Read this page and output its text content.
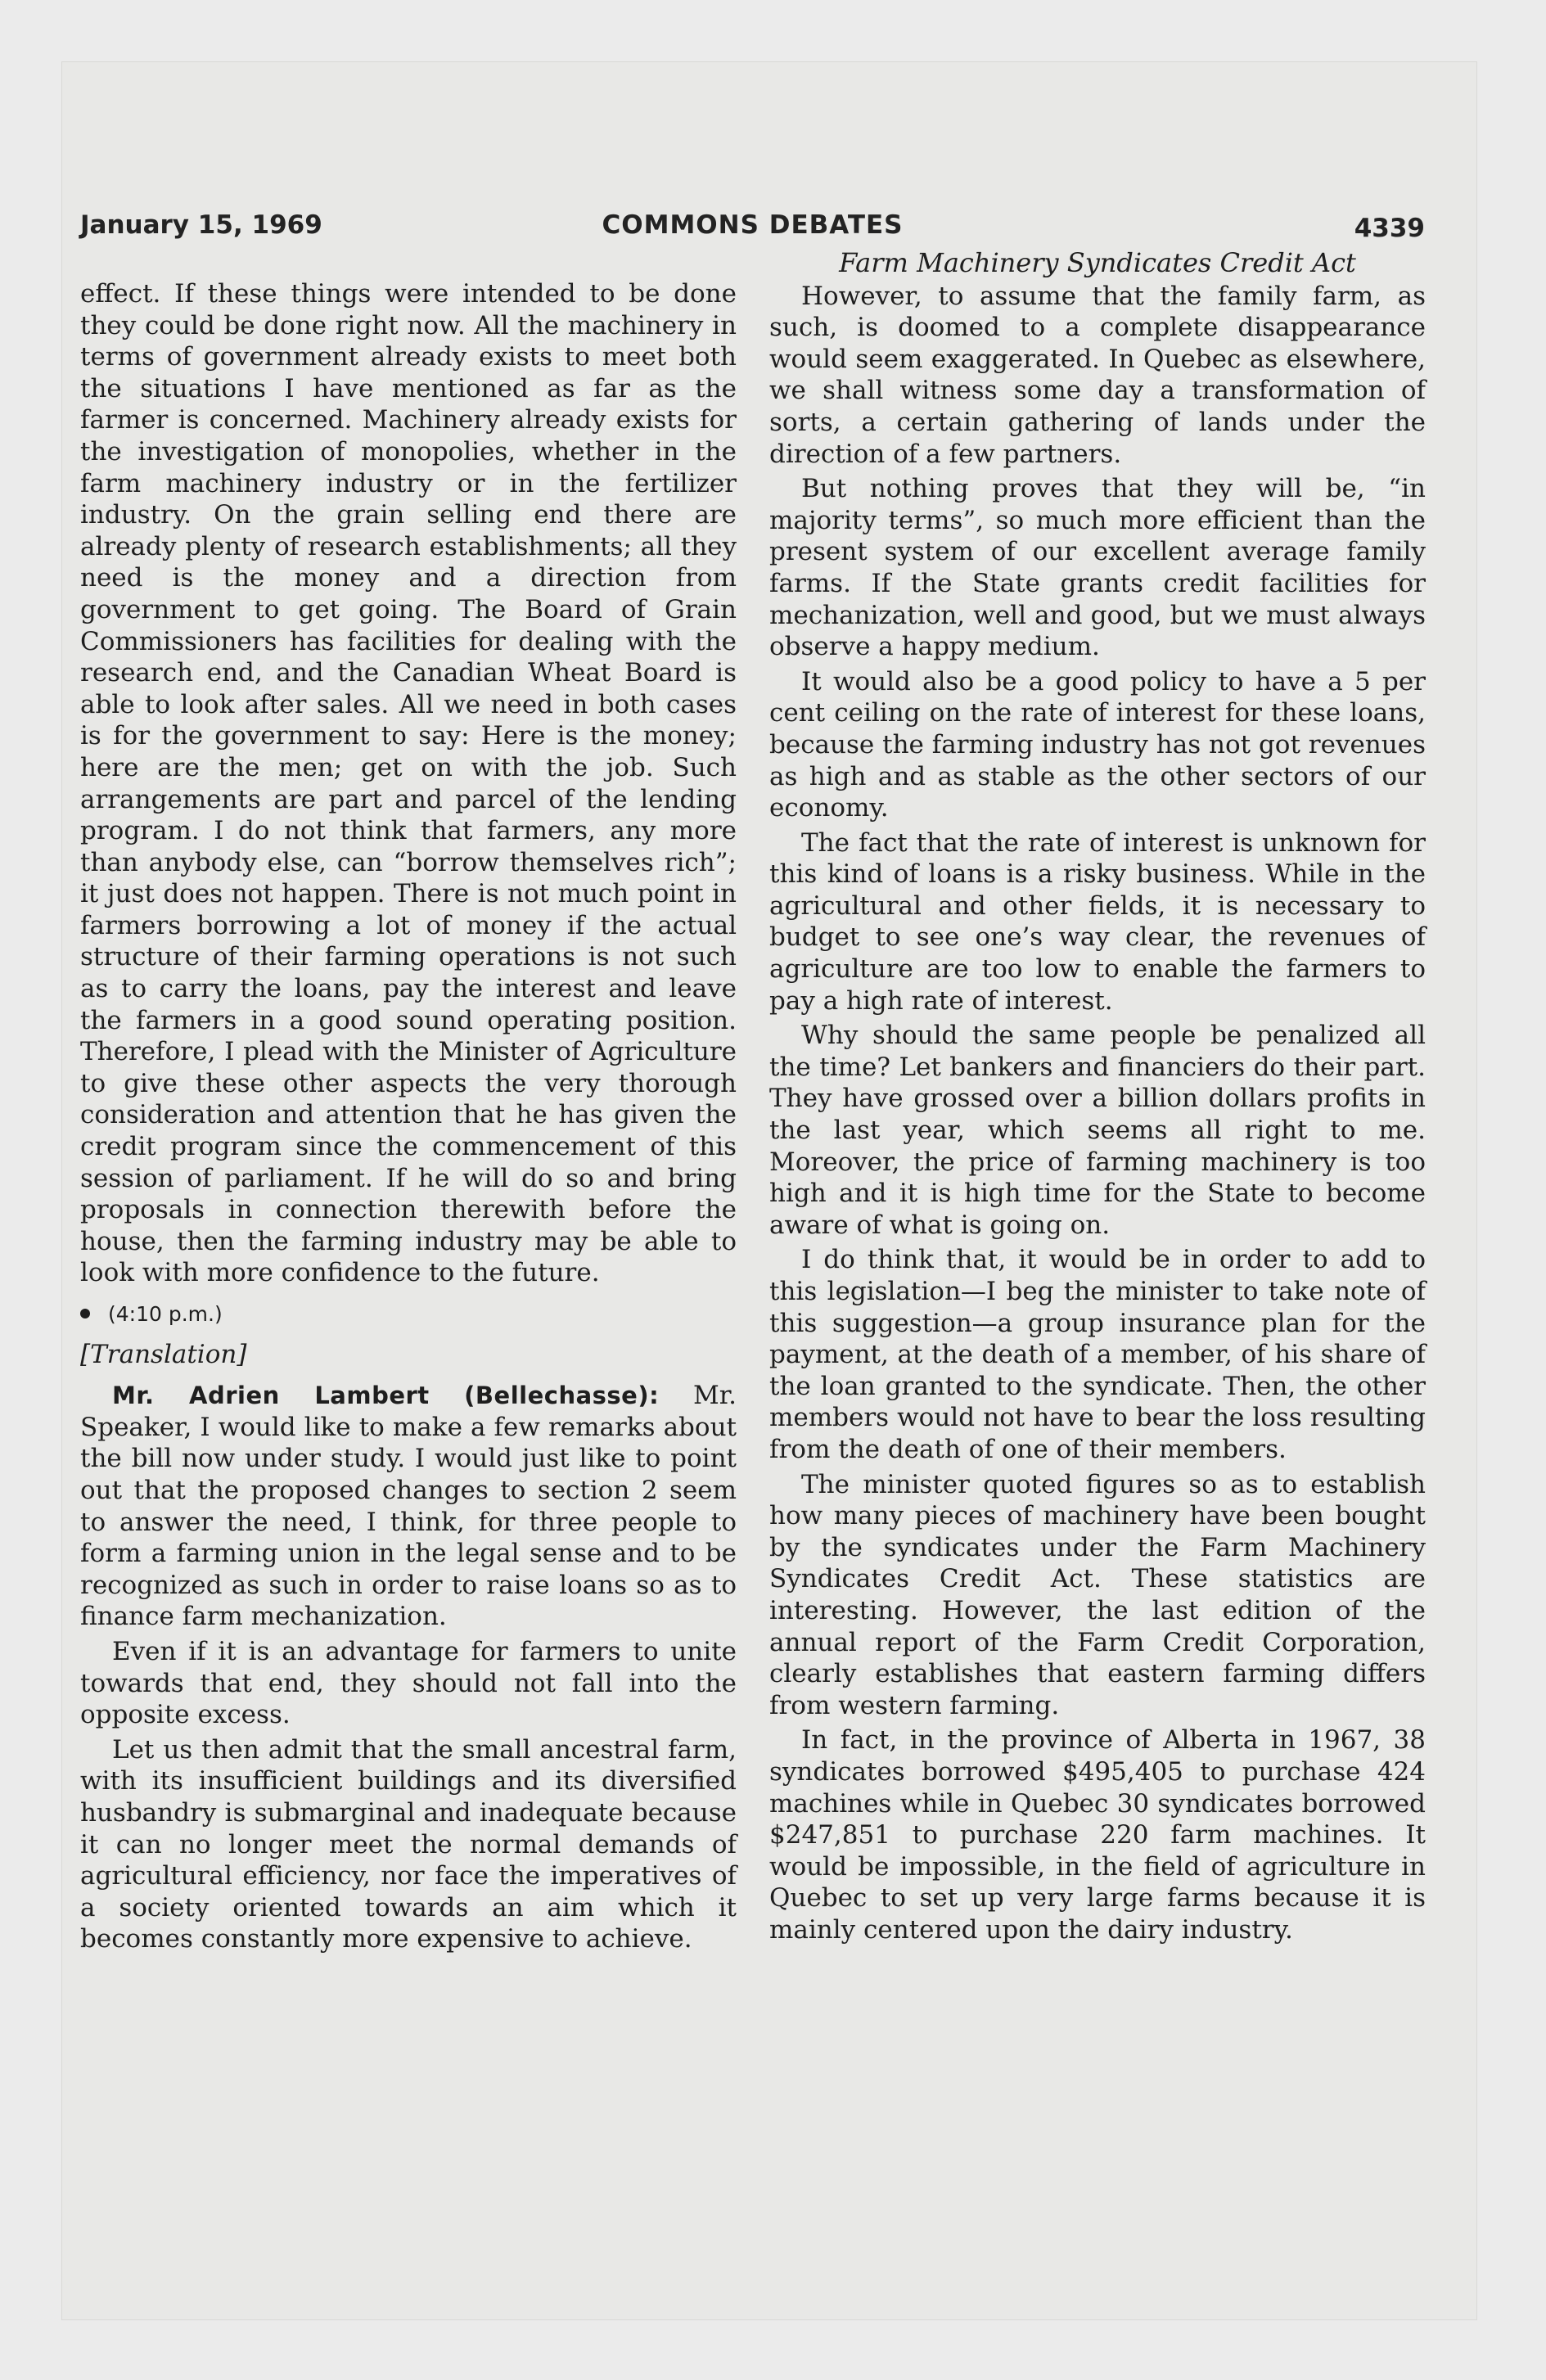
January 15, 1969	COMMONS DEBATES	4339

effect. If these things were intended to be done they could be done right now. All the machinery in terms of government already exists to meet both the situations I have mentioned as far as the farmer is concerned. Machinery already exists for the investigation of monopolies, whether in the farm machinery industry or in the fertilizer industry. On the grain selling end there are already plenty of research establishments; all they need is the money and a direction from government to get going. The Board of Grain Commissioners has facilities for dealing with the research end, and the Canadian Wheat Board is able to look after sales. All we need in both cases is for the government to say: Here is the money; here are the men; get on with the job. Such arrangements are part and parcel of the lending program. I do not think that farmers, any more than anybody else, can “borrow themselves rich”; it just does not happen. There is not much point in farmers borrowing a lot of money if the actual structure of their farming operations is not such as to carry the loans, pay the interest and leave the farmers in a good sound operating position. Therefore, I plead with the Minister of Agriculture to give these other aspects the very thorough consideration and attention that he has given the credit program since the commencement of this session of parliament. If he will do so and bring proposals in connection therewith before the house, then the farming industry may be able to look with more confidence to the future.

(4:10 p.m.)
[Translation]

Mr. Adrien Lambert (Bellechasse): Mr. Speaker, I would like to make a few remarks about the bill now under study. I would just like to point out that the proposed changes to section 2 seem to answer the need, I think, for three people to form a farming union in the legal sense and to be recognized as such in order to raise loans so as to finance farm mechanization.

Even if it is an advantage for farmers to unite towards that end, they should not fall into the opposite excess.

Let us then admit that the small ancestral farm, with its insufficient buildings and its diversified husbandry is submarginal and inadequate because it can no longer meet the normal demands of agricultural efficiency, nor face the imperatives of a society oriented towards an aim which it becomes constantly more expensive to achieve.

Farm Machinery Syndicates Credit Act

However, to assume that the family farm, as such, is doomed to a complete disappearance would seem exaggerated. In Quebec as elsewhere, we shall witness some day a transformation of sorts, a certain gathering of lands under the direction of a few partners.

But nothing proves that they will be, “in majority terms”, so much more efficient than the present system of our excellent average family farms. If the State grants credit facilities for mechanization, well and good, but we must always observe a happy medium.

It would also be a good policy to have a 5 per cent ceiling on the rate of interest for these loans, because the farming industry has not got revenues as high and as stable as the other sectors of our economy.

The fact that the rate of interest is unknown for this kind of loans is a risky business. While in the agricultural and other fields, it is necessary to budget to see one’s way clear, the revenues of agriculture are too low to enable the farmers to pay a high rate of interest.

Why should the same people be penalized all the time? Let bankers and financiers do their part. They have grossed over a billion dollars profits in the last year, which seems all right to me. Moreover, the price of farming machinery is too high and it is high time for the State to become aware of what is going on.

I do think that, it would be in order to add to this legislation—I beg the minister to take note of this suggestion—a group insurance plan for the payment, at the death of a member, of his share of the loan granted to the syndicate. Then, the other members would not have to bear the loss resulting from the death of one of their members.

The minister quoted figures so as to establish how many pieces of machinery have been bought by the syndicates under the Farm Machinery Syndicates Credit Act. These statistics are interesting. However, the last edition of the annual report of the Farm Credit Corporation, clearly establishes that eastern farming differs from western farming.

In fact, in the province of Alberta in 1967, 38 syndicates borrowed $495,405 to purchase 424 machines while in Quebec 30 syndicates borrowed $247,851 to purchase 220 farm machines. It would be impossible, in the field of agriculture in Quebec to set up very large farms because it is mainly centered upon the dairy industry.
